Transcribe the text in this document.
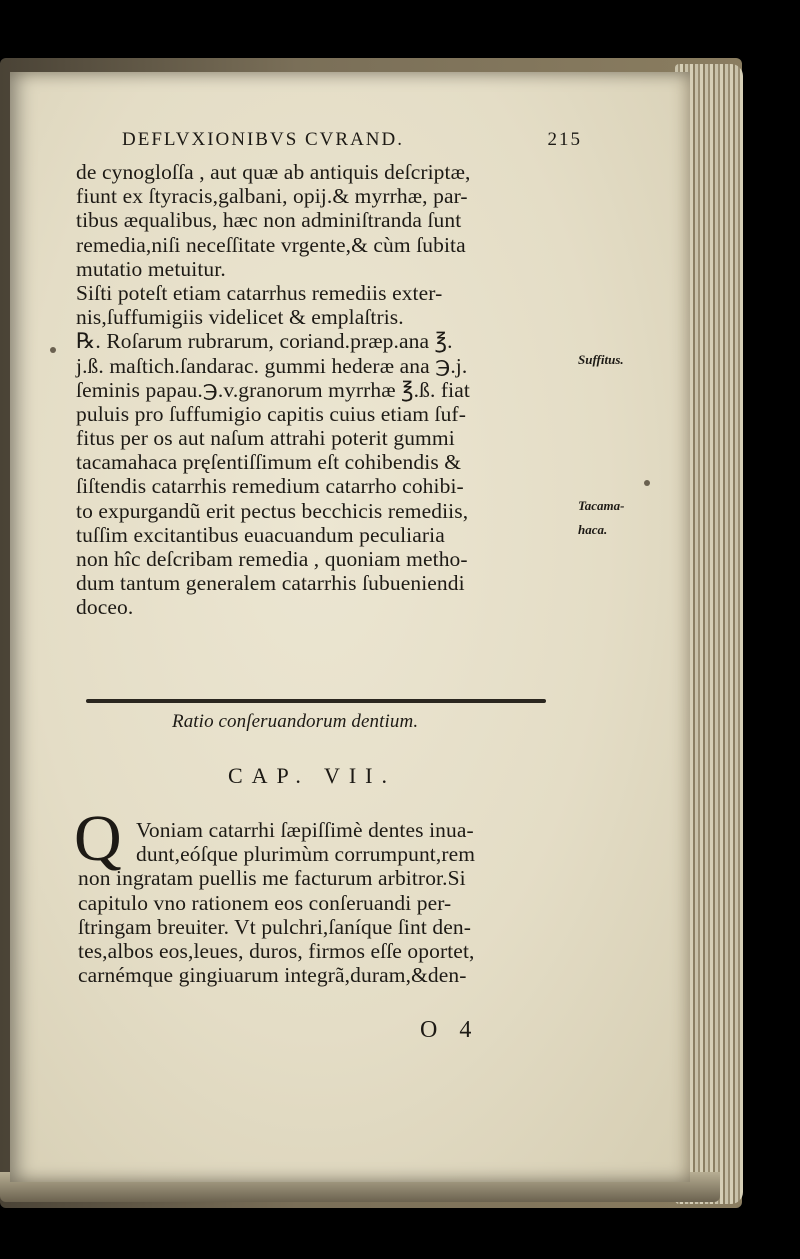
DEFLVXIONIBVS CVRAND.	215
de cynogloſſa , aut quæ ab antiquis deſcriptæ,
fiunt ex ſtyracis,galbani, opij.& myrrhæ, par-
tibus æqualibus, hæc non adminiſtranda ſunt
remedia,niſi neceſſitate vrgente,& cùm ſubita
mutatio metuitur.
Siſti poteſt etiam catarrhus remediis exter-
nis,ſuffumigiis videlicet & emplaſtris.
℞. Roſarum rubrarum, coriand.præp.ana ℥.
j.ß. maſtich.ſandarac. gummi hederæ ana ℈.j.
ſeminis papau.℈.v.granorum myrrhæ ℥.ß. fiat
puluis pro ſuffumigio capitis cuius etiam ſuf-
fitus per os aut naſum attrahi poterit gummi
tacamahaca pręſentiſſimum eſt cohibendis &
ſiſtendis catarrhis remedium catarrho cohibi-
to expurgandũ erit pectus becchicis remediis,
tuſſim excitantibus euacuandum peculiaria
non hîc deſcribam remedia , quoniam metho-
dum tantum generalem catarrhis ſubueniendi
doceo.
Suffitus.
Tacama-
haca.
Ratio conſeruandorum dentium.
CAP. VII.
Q Voniam catarrhi ſæpiſſimè dentes inua-
dunt,eóſque plurimùm corrumpunt,rem
non ingratam puellis me facturum arbitror.Si
capitulo vno rationem eos conſeruandi per-
ſtringam breuiter. Vt pulchri,ſaníque ſint den-
tes,albos eos,leues, duros, firmos eſſe oportet,
carnémque gingiuarum integrã,duram,&den-
O 4
